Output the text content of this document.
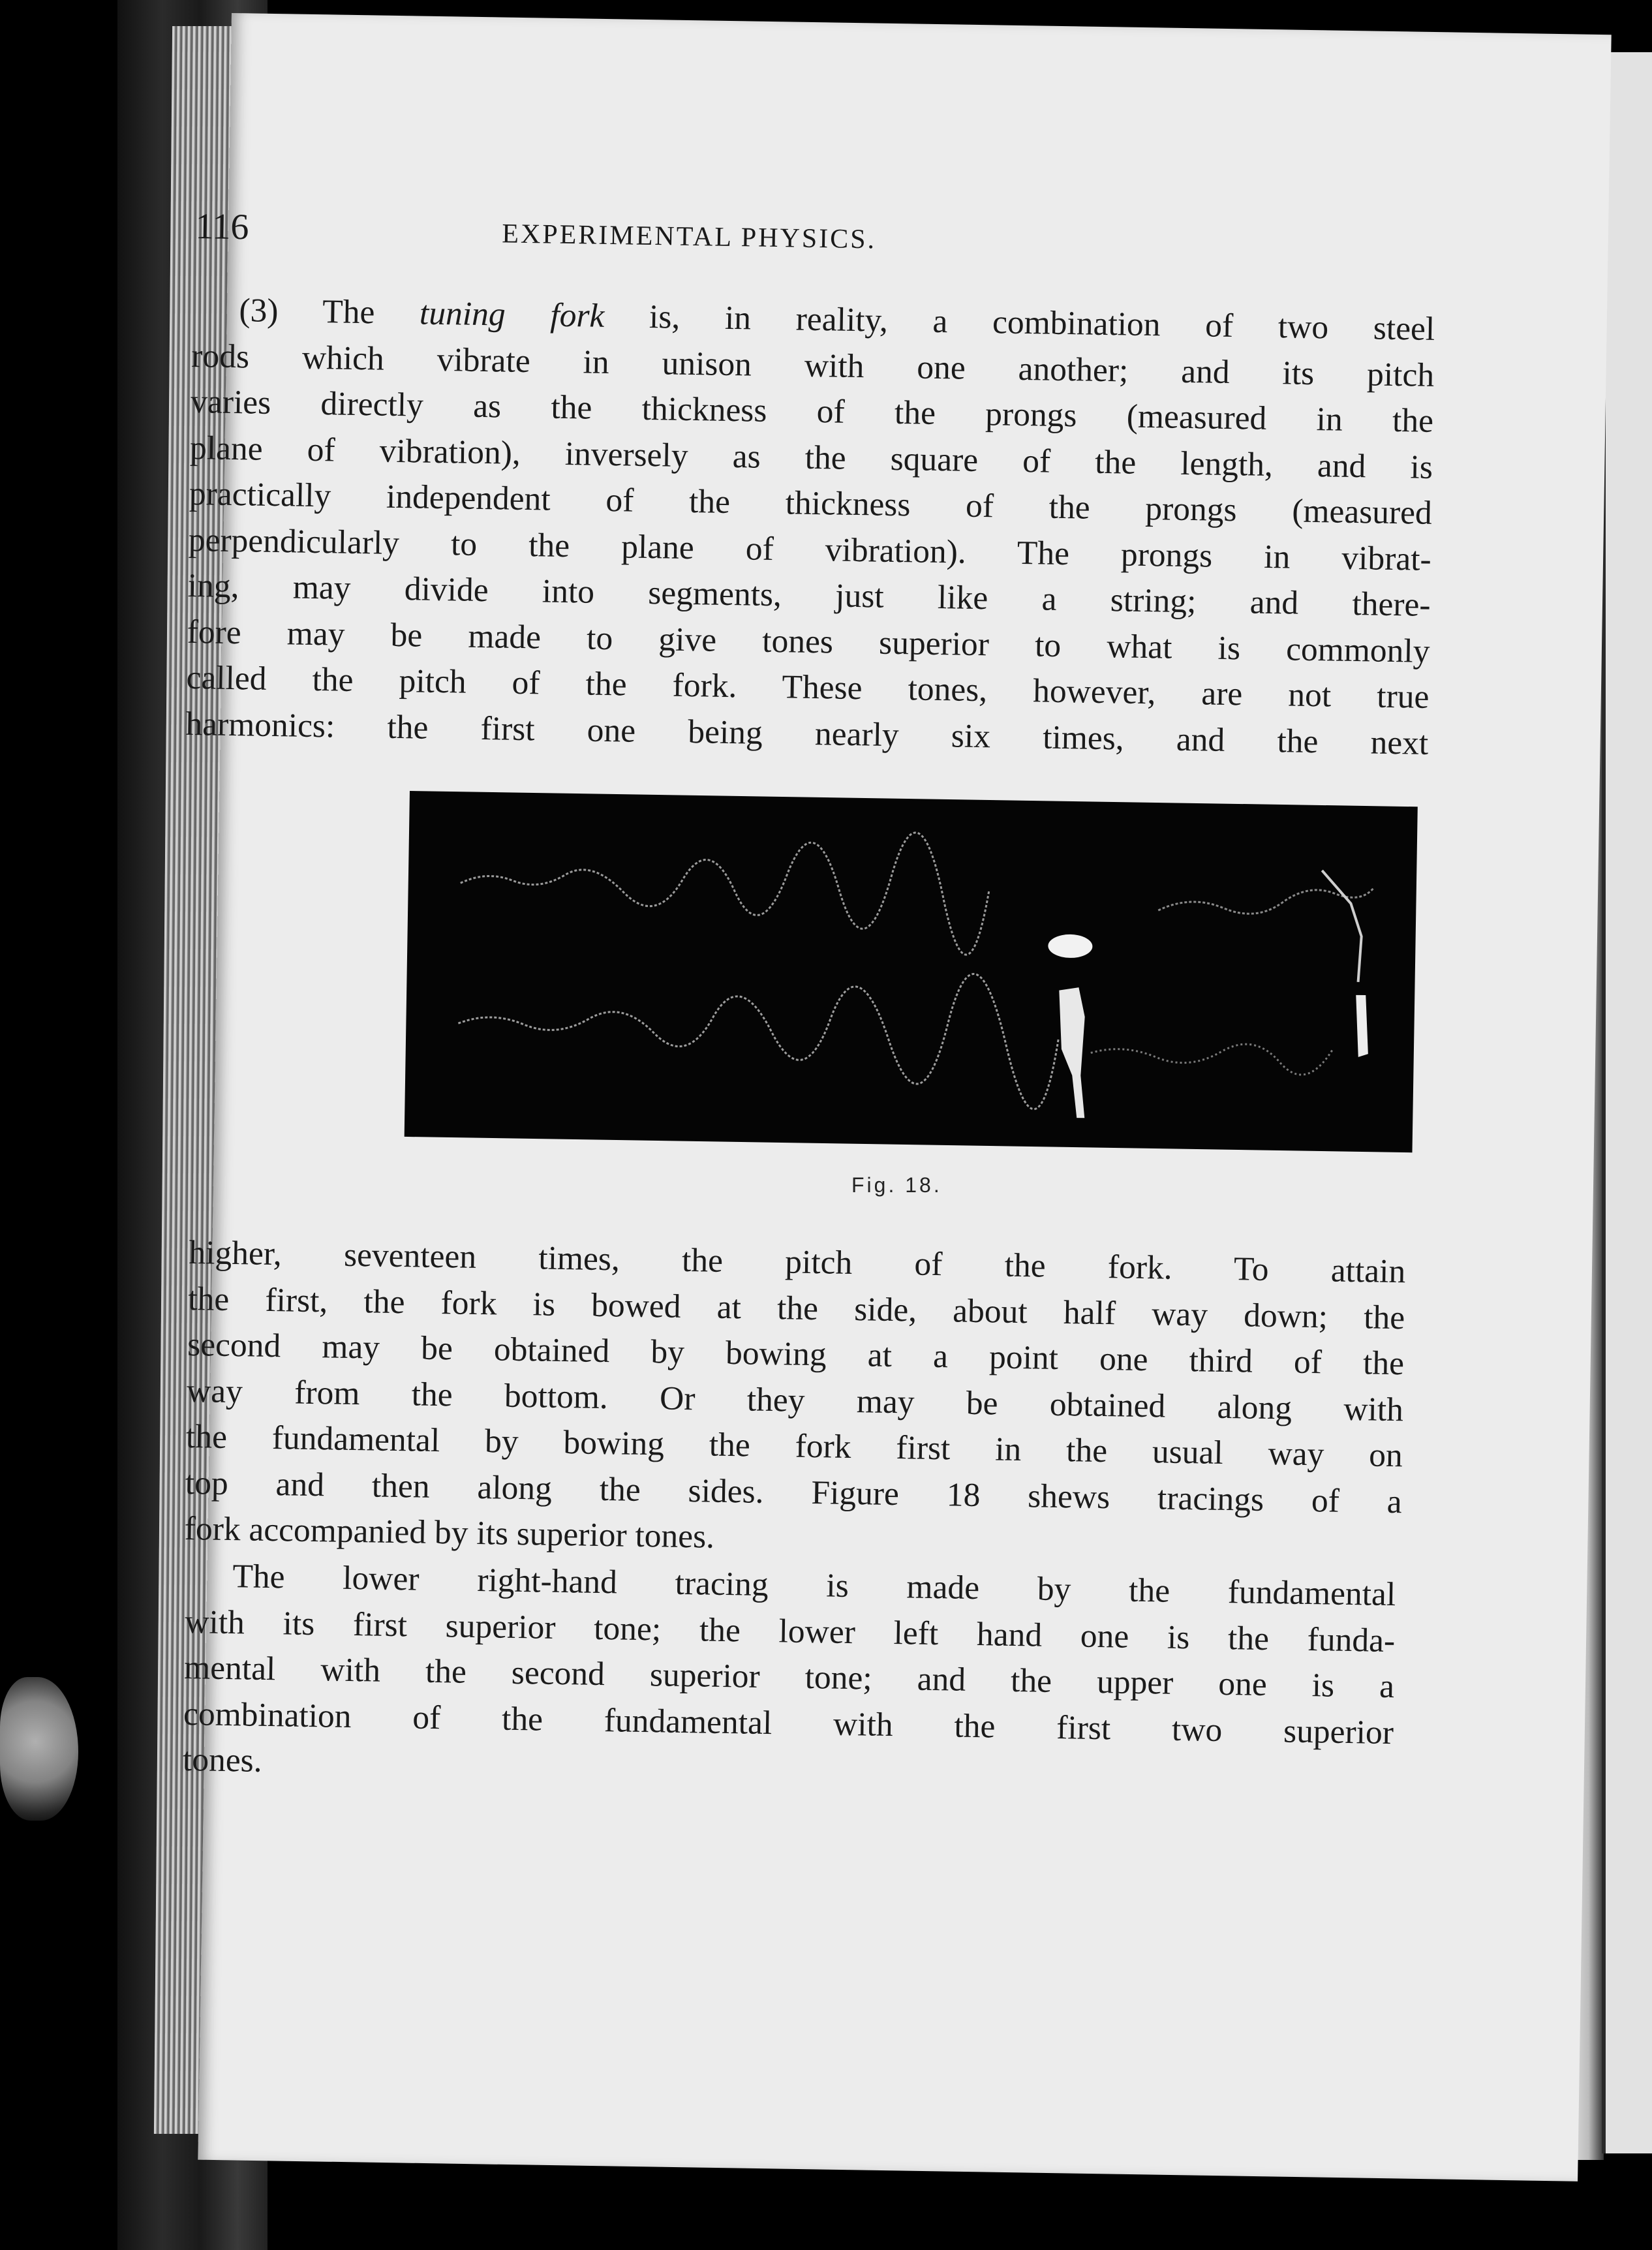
116	EXPERIMENTAL PHYSICS.
(3) The tuning fork is, in reality, a combination of two steel
rods which vibrate in unison with one another; and its pitch
varies directly as the thickness of the prongs (measured in the
plane of vibration), inversely as the square of the length, and is
practically independent of the thickness of the prongs (measured
perpendicularly to the plane of vibration). The prongs in vibrat-
ing, may divide into segments, just like a string; and there-
fore may be made to give tones superior to what is commonly
called the pitch of the fork. These tones, however, are not true
harmonics: the first one being nearly six times, and the next
Fig. 18.
higher, seventeen times, the pitch of the fork. To attain
the first, the fork is bowed at the side, about half way down; the
second may be obtained by bowing at a point one third of the
way from the bottom. Or they may be obtained along with
the fundamental by bowing the fork first in the usual way on
top and then along the sides. Figure 18 shews tracings of a
fork accompanied by its superior tones.
The lower right-hand tracing is made by the fundamental
with its first superior tone; the lower left hand one is the funda-
mental with the second superior tone; and the upper one is a
combination of the fundamental with the first two superior
tones.
